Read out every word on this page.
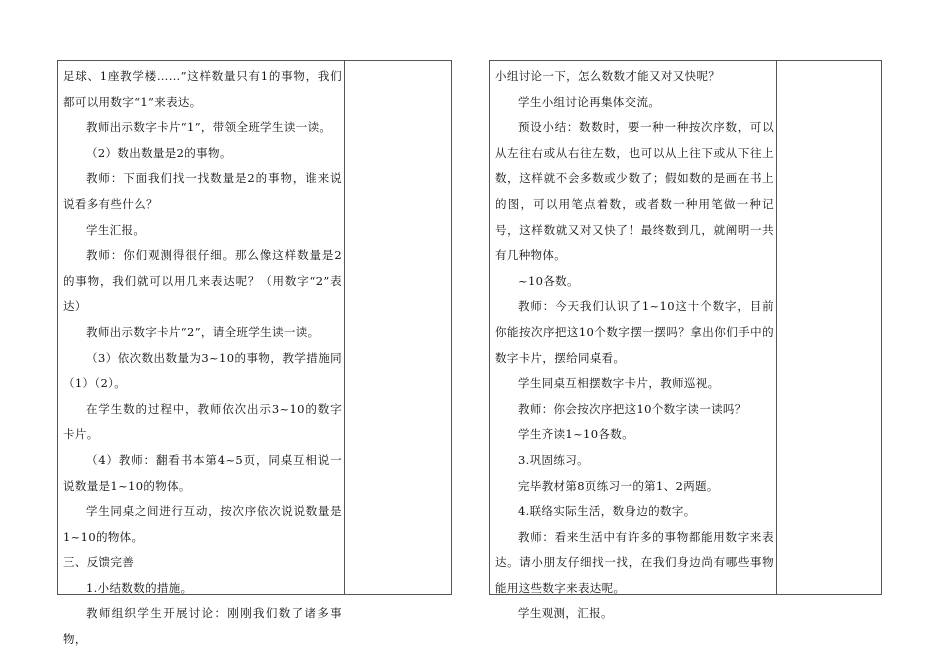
足球、1座教学楼……”这样数量只有1的事物，我们都可以用数字“1”来表达。

教师出示数字卡片“1”，带领全班学生读一读。

（2）数出数量是2的事物。

教师：下面我们找一找数量是2的事物，谁来说说看多有些什么？

学生汇报。

教师：你们观测得很仔细。那么像这样数量是2的事物，我们就可以用几来表达呢？（用数字“2”表达）

教师出示数字卡片“2”，请全班学生读一读。

（3）依次数出数量为3~10的事物，教学措施同（1）（2）。

在学生数的过程中，教师依次出示3~10的数字卡片。

（4）教师：翻看书本第4~5页，同桌互相说一说数量是1~10的物体。

学生同桌之间进行互动，按次序依次说说数量是1~10的物体。

三、反馈完善

1.小结数数的措施。

教师组织学生开展讨论：刚刚我们数了诸多事物，

小组讨论一下，怎么数数才能又对又快呢？

学生小组讨论再集体交流。

预设小结：数数时，要一种一种按次序数，可以从左往右或从右往左数，也可以从上往下或从下往上数，这样就不会多数或少数了；假如数的是画在书上的图，可以用笔点着数，或者数一种用笔做一种记号，这样数就又对又快了！最终数到几，就阐明一共有几种物体。

~10各数。

教师：今天我们认识了1~10这十个数字，目前你能按次序把这10个数字摆一摆吗？拿出你们手中的数字卡片，摆给同桌看。

学生同桌互相摆数字卡片，教师巡视。

教师：你会按次序把这10个数字读一读吗？

学生齐读1~10各数。

3.巩固练习。

完毕教材第8页练习一的第1、2两题。

4.联络实际生活，数身边的数字。

教师：看来生活中有许多的事物都能用数字来表达。请小朋友仔细找一找，在我们身边尚有哪些事物能用这些数字来表达呢。

学生观测，汇报。
